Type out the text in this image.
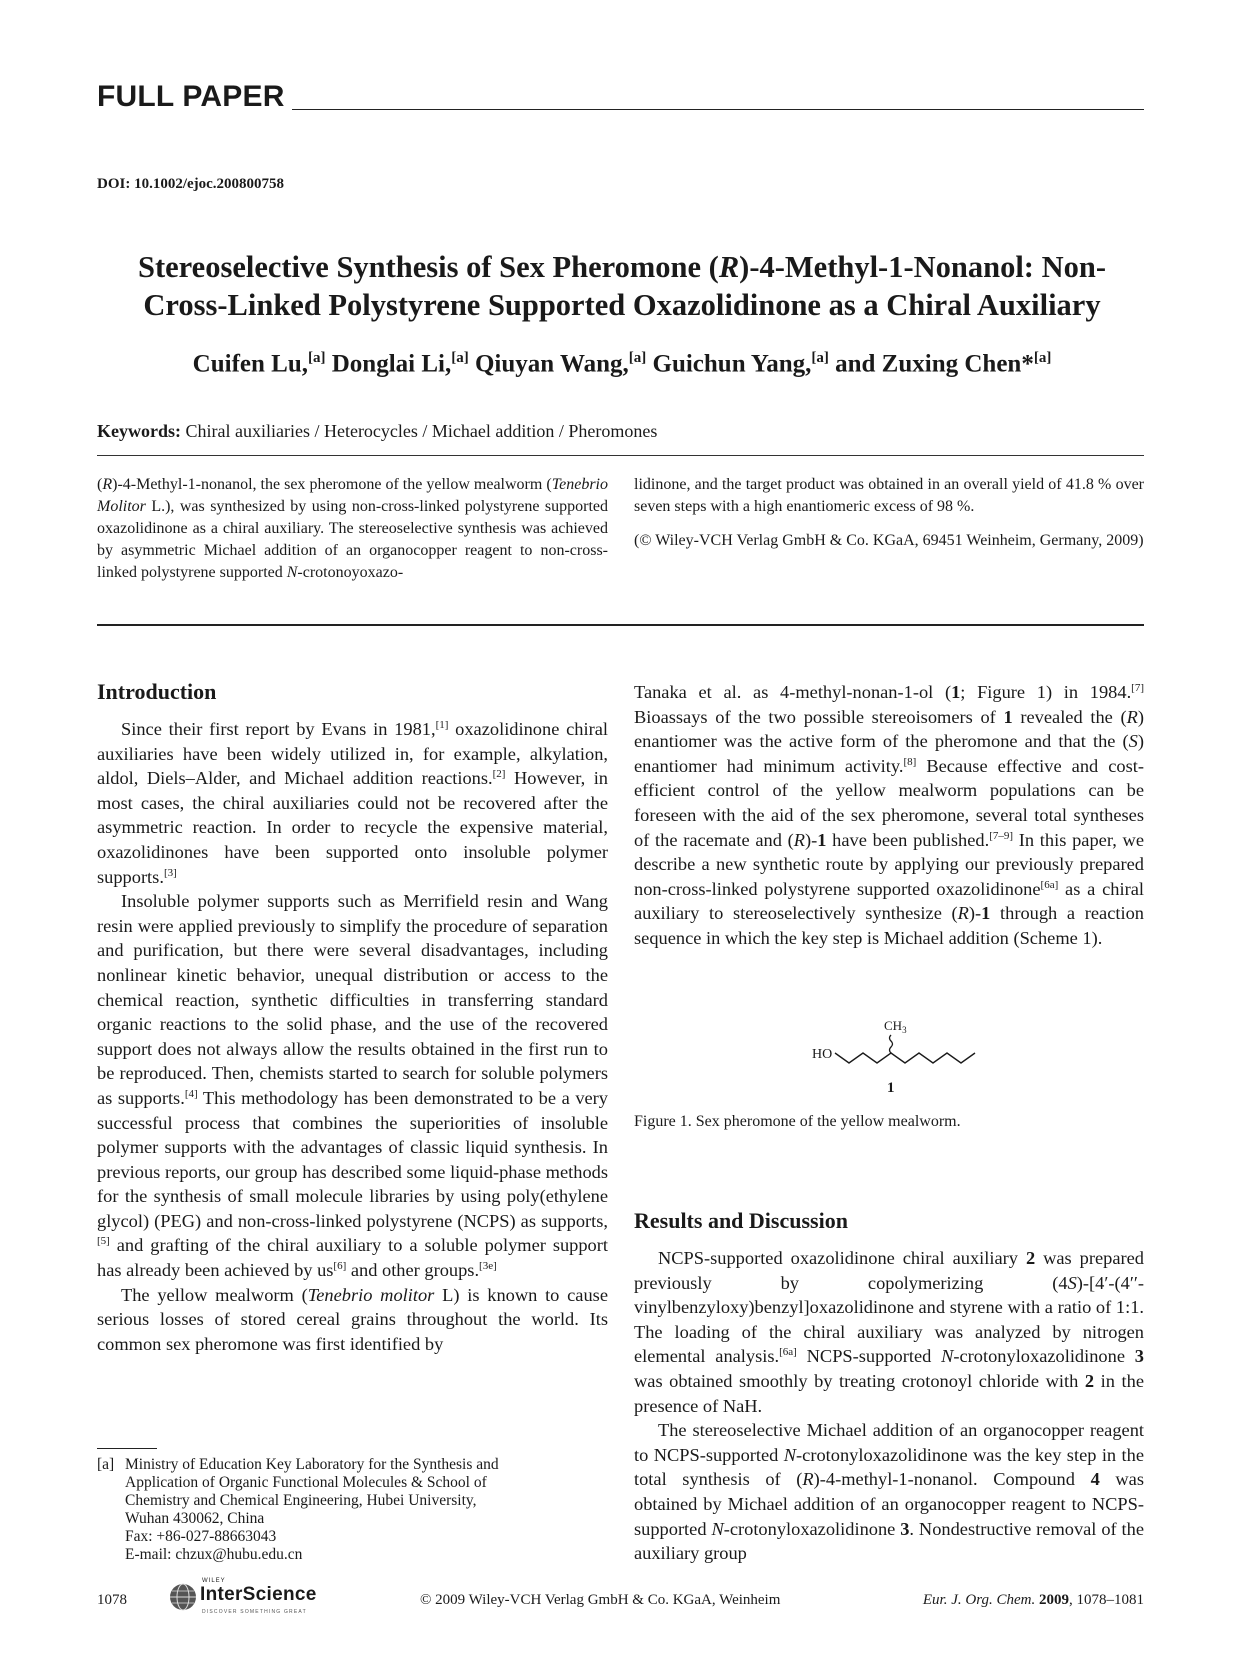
FULL PAPER
DOI: 10.1002/ejoc.200800758
Stereoselective Synthesis of Sex Pheromone (R)-4-Methyl-1-Nonanol: Non-
Cross-Linked Polystyrene Supported Oxazolidinone as a Chiral Auxiliary
Cuifen Lu,[a] Donglai Li,[a] Qiuyan Wang,[a] Guichun Yang,[a] and Zuxing Chen*[a]
Keywords: Chiral auxiliaries / Heterocycles / Michael addition / Pheromones

(R)-4-Methyl-1-nonanol, the sex pheromone of the yellow mealworm (Tenebrio Molitor L.), was synthesized by using non-cross-linked polystyrene supported oxazolidinone as a chiral auxiliary. The stereoselective synthesis was achieved by asymmetric Michael addition of an organocopper reagent to non-cross-linked polystyrene supported N-crotonoyoxazo-

lidinone, and the target product was obtained in an overall yield of 41.8 % over seven steps with a high enantiomeric excess of 98 %.

(© Wiley-VCH Verlag GmbH & Co. KGaA, 69451 Weinheim, Germany, 2009)

Introduction

Since their first report by Evans in 1981,[1] oxazolidinone chiral auxiliaries have been widely utilized in, for example, alkylation, aldol, Diels–Alder, and Michael addition reactions.[2] However, in most cases, the chiral auxiliaries could not be recovered after the asymmetric reaction. In order to recycle the expensive material, oxazolidinones have been supported onto insoluble polymer supports.[3]

Insoluble polymer supports such as Merrifield resin and Wang resin were applied previously to simplify the procedure of separation and purification, but there were several disadvantages, including nonlinear kinetic behavior, unequal distribution or access to the chemical reaction, synthetic difficulties in transferring standard organic reactions to the solid phase, and the use of the recovered support does not always allow the results obtained in the first run to be reproduced. Then, chemists started to search for soluble polymers as supports.[4] This methodology has been demonstrated to be a very successful process that combines the superiorities of insoluble polymer supports with the advantages of classic liquid synthesis. In previous reports, our group has described some liquid-phase methods for the synthesis of small molecule libraries by using poly(ethylene glycol) (PEG) and non-cross-linked polystyrene (NCPS) as supports,[5] and grafting of the chiral auxiliary to a soluble polymer support has already been achieved by us[6] and other groups.[3e]

The yellow mealworm (Tenebrio molitor L) is known to cause serious losses of stored cereal grains throughout the world. Its common sex pheromone was first identified by

[a] Ministry of Education Key Laboratory for the Synthesis and
Application of Organic Functional Molecules & School of
Chemistry and Chemical Engineering, Hubei University,
Wuhan 430062, China
Fax: +86-027-88663043
E-mail: chzux@hubu.edu.cn

Tanaka et al. as 4-methyl-nonan-1-ol (1; Figure 1) in 1984.[7] Bioassays of the two possible stereoisomers of 1 revealed the (R) enantiomer was the active form of the pheromone and that the (S) enantiomer had minimum activity.[8] Because effective and cost-efficient control of the yellow mealworm populations can be foreseen with the aid of the sex pheromone, several total syntheses of the racemate and (R)-1 have been published.[7–9] In this paper, we describe a new synthetic route by applying our previously prepared non-cross-linked polystyrene supported oxazolidinone[6a] as a chiral auxiliary to stereoselectively synthesize (R)-1 through a reaction sequence in which the key step is Michael addition (Scheme 1).

HO
$CH_3$
1
Figure 1. Sex pheromone of the yellow mealworm.
Results and Discussion

NCPS-supported oxazolidinone chiral auxiliary 2 was prepared previously by copolymerizing (4S)-[4′-(4′′-vinylbenzyloxy)benzyl]oxazolidinone and styrene with a ratio of 1:1. The loading of the chiral auxiliary was analyzed by nitrogen elemental analysis.[6a] NCPS-supported N-crotonyloxazolidinone 3 was obtained smoothly by treating crotonoyl chloride with 2 in the presence of NaH.

The stereoselective Michael addition of an organocopper reagent to NCPS-supported N-crotonyloxazolidinone was the key step in the total synthesis of (R)-4-methyl-1-nonanol. Compound 4 was obtained by Michael addition of an organocopper reagent to NCPS-supported N-crotonyloxazolidinone 3. Nondestructive removal of the auxiliary group

1078
WILEY
InterScience
DISCOVER SOMETHING GREAT
© 2009 Wiley-VCH Verlag GmbH & Co. KGaA, Weinheim	Eur. J. Org. Chem. 2009, 1078–1081
